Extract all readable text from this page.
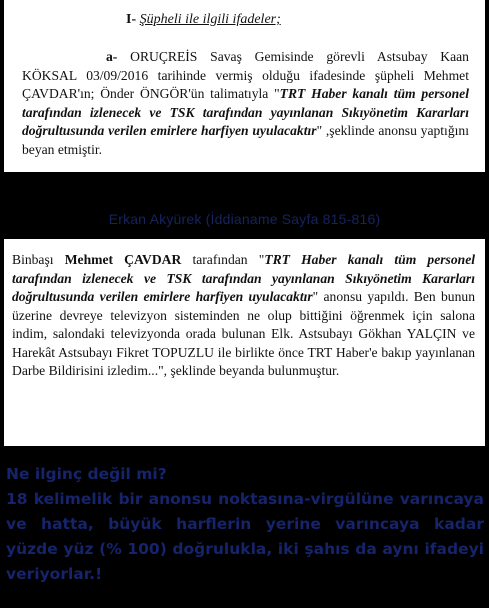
I- Şüpheli ile ilgili ifadeler;

a- ORUÇREİS Savaş Gemisinde görevli Astsubay Kaan KÖKSAL 03/09/2016 tarihinde vermiş olduğu ifadesinde şüpheli Mehmet ÇAVDAR'ın; Önder ÖNGÖR'ün talimatıyla "TRT Haber kanalı tüm personel tarafından izlenecek ve TSK tarafından yayınlanan Sıkıyönetim Kararları doğrultusunda verilen emirlere harfiyen uyulacaktır" ,şeklinde anonsu yaptığını beyan etmiştir.

Erkan Akyürek (İddianame Sayfa 815-816)

Binbaşı Mehmet ÇAVDAR tarafından "TRT Haber kanalı tüm personel tarafından izlenecek ve TSK tarafından yayınlanan Sıkıyönetim Kararları doğrultusunda verilen emirlere harfiyen uyulacaktır" anonsu yapıldı. Ben bunun üzerine devreye televizyon sisteminden ne olup bittiğini öğrenmek için salona indim, salondaki televizyonda orada bulunan Elk. Astsubayı Gökhan YALÇIN ve Harekât Astsubayı Fikret TOPUZLU ile birlikte önce TRT Haber'e bakıp yayınlanan Darbe Bildirisini izledim...", şeklinde beyanda bulunmuştur.

Ne ilginç değil mi?
18 kelimelik bir anonsu noktasına-virgülüne varıncaya ve hatta, büyük harflerin yerine varıncaya kadar yüzde yüz (% 100) doğrulukla, iki şahıs da aynı ifadeyi veriyorlar.!
